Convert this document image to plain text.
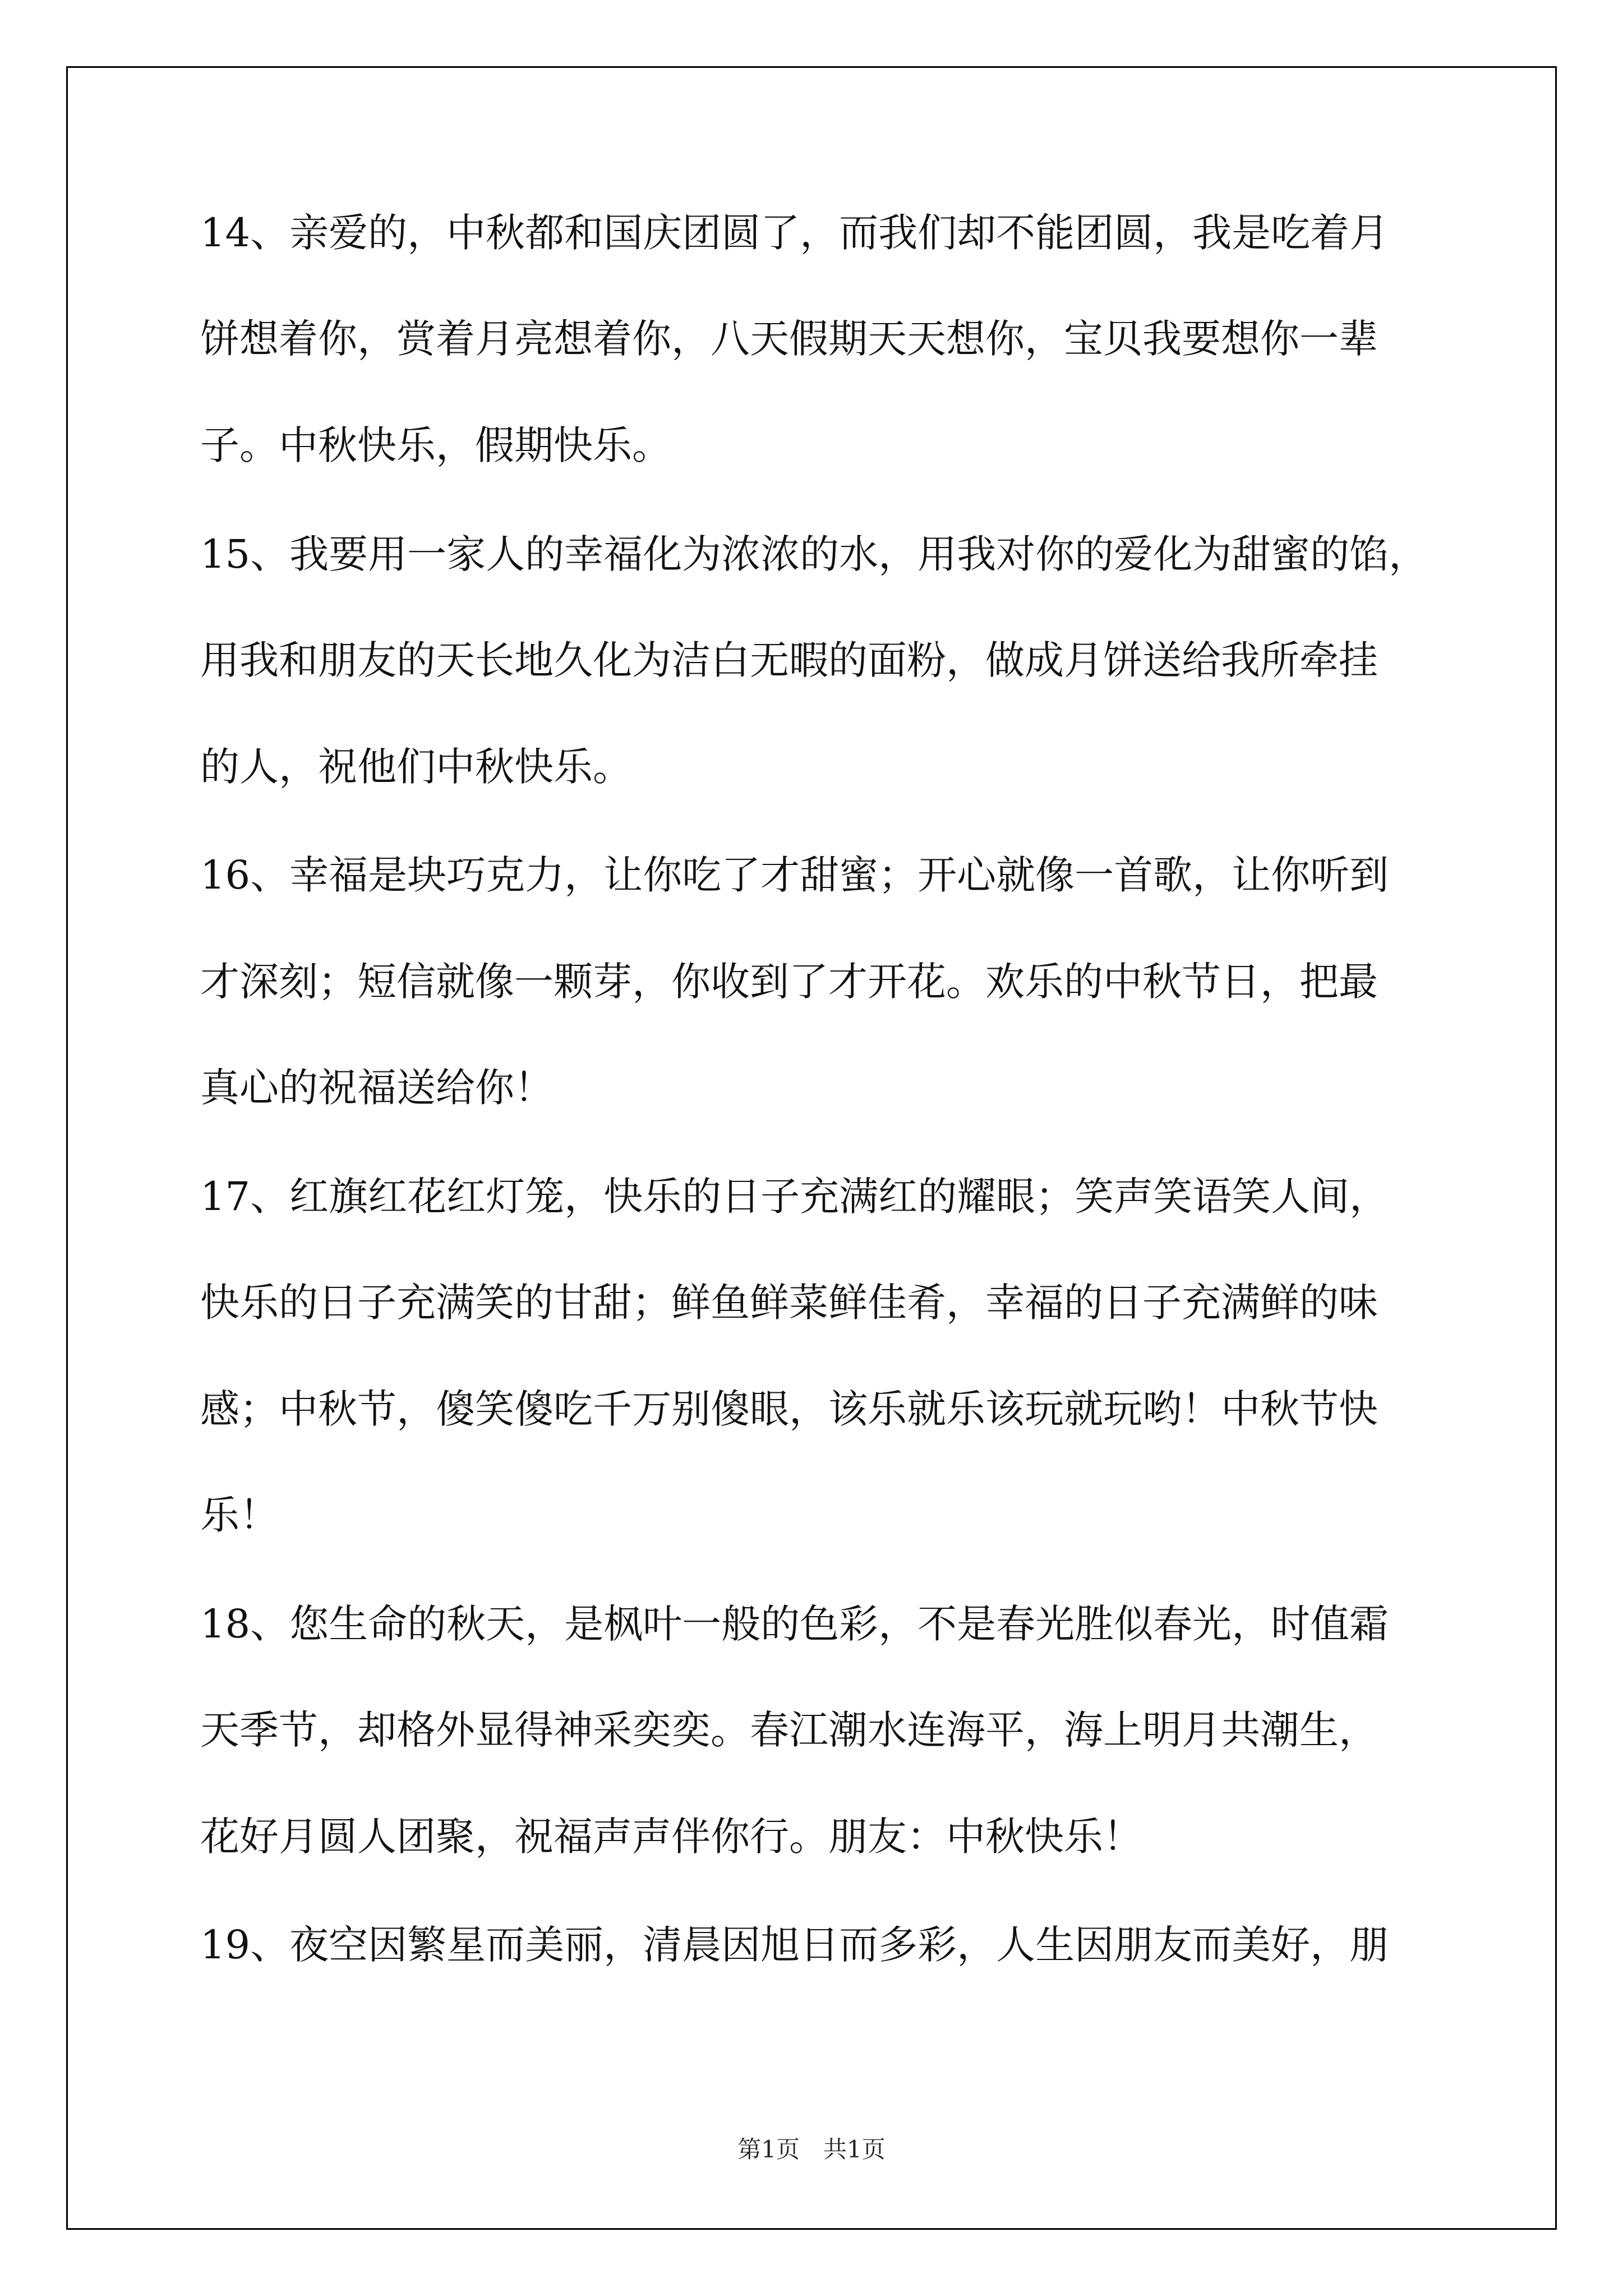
14、亲爱的，中秋都和国庆团圆了，而我们却不能团圆，我是吃着月
饼想着你，赏着月亮想着你，八天假期天天想你，宝贝我要想你一辈
子。中秋快乐，假期快乐。
15、我要用一家人的幸福化为浓浓的水，用我对你的爱化为甜蜜的馅，
用我和朋友的天长地久化为洁白无暇的面粉，做成月饼送给我所牵挂
的人，祝他们中秋快乐。
16、幸福是块巧克力，让你吃了才甜蜜；开心就像一首歌，让你听到
才深刻；短信就像一颗芽，你收到了才开花。欢乐的中秋节日，把最
真心的祝福送给你！
17、红旗红花红灯笼，快乐的日子充满红的耀眼；笑声笑语笑人间，
快乐的日子充满笑的甘甜；鲜鱼鲜菜鲜佳肴，幸福的日子充满鲜的味
感；中秋节，傻笑傻吃千万别傻眼，该乐就乐该玩就玩哟！中秋节快
乐！
18、您生命的秋天，是枫叶一般的色彩，不是春光胜似春光，时值霜
天季节，却格外显得神采奕奕。春江潮水连海平，海上明月共潮生，
花好月圆人团聚，祝福声声伴你行。朋友：中秋快乐！
19、夜空因繁星而美丽，清晨因旭日而多彩，人生因朋友而美好，朋
第1页　共1页
